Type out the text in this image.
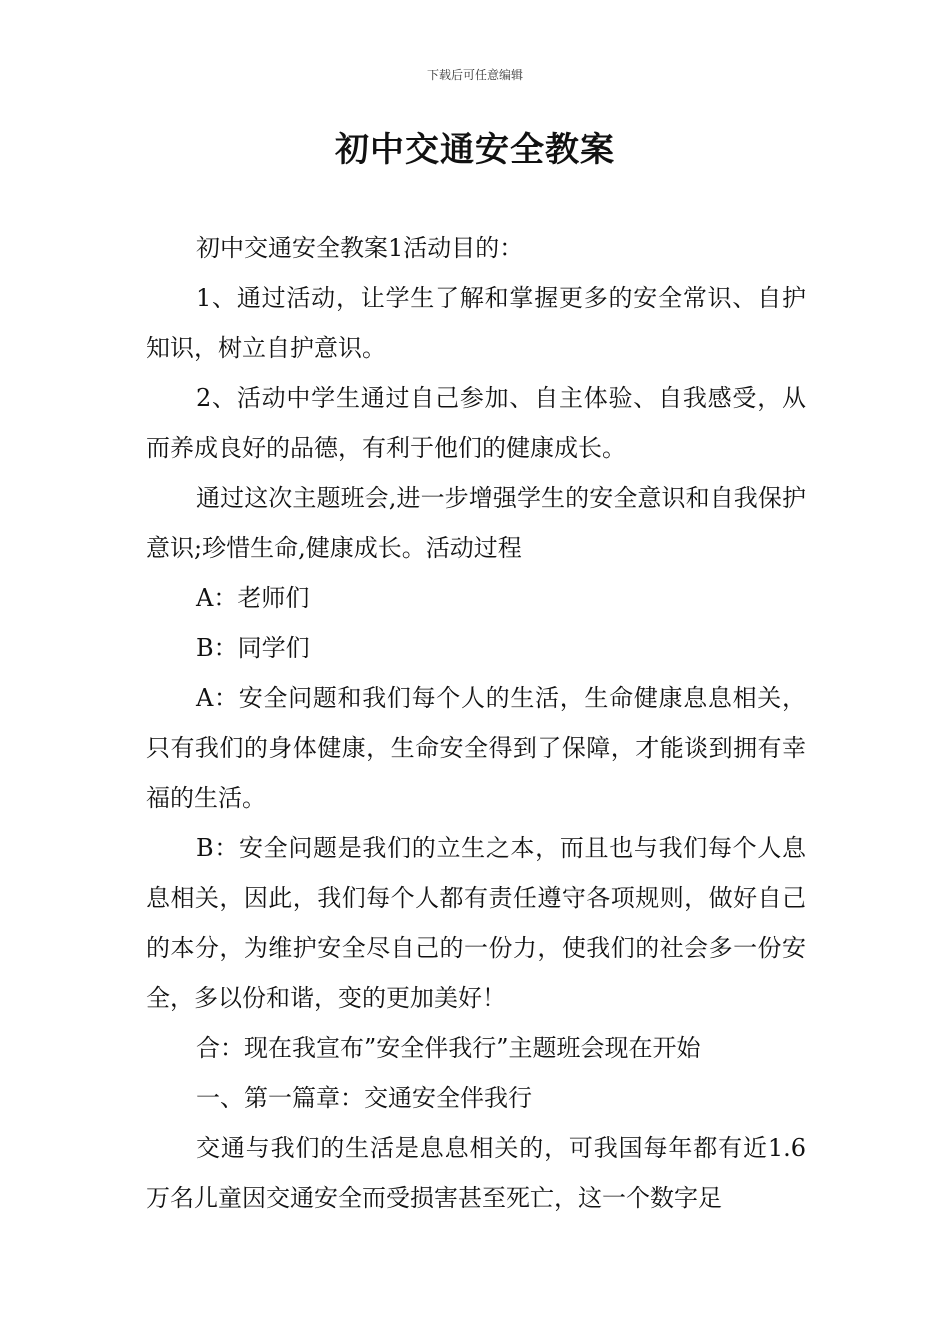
下载后可任意编辑
初中交通安全教案

初中交通安全教案1活动目的：

1、通过活动，让学生了解和掌握更多的安全常识、自护知识，树立自护意识。

2、活动中学生通过自己参加、自主体验、自我感受，从而养成良好的品德，有利于他们的健康成长。

通过这次主题班会,进一步增强学生的安全意识和自我保护意识;珍惜生命,健康成长。活动过程

A：老师们

B：同学们

A：安全问题和我们每个人的生活，生命健康息息相关，只有我们的身体健康，生命安全得到了保障，才能谈到拥有幸福的生活。

B：安全问题是我们的立生之本，而且也与我们每个人息息相关，因此，我们每个人都有责任遵守各项规则，做好自己的本分，为维护安全尽自己的一份力，使我们的社会多一份安全，多以份和谐，变的更加美好！

合：现在我宣布”安全伴我行”主题班会现在开始

一、第一篇章：交通安全伴我行

交通与我们的生活是息息相关的，可我国每年都有近1.6万名儿童因交通安全而受损害甚至死亡，这一个数字足
